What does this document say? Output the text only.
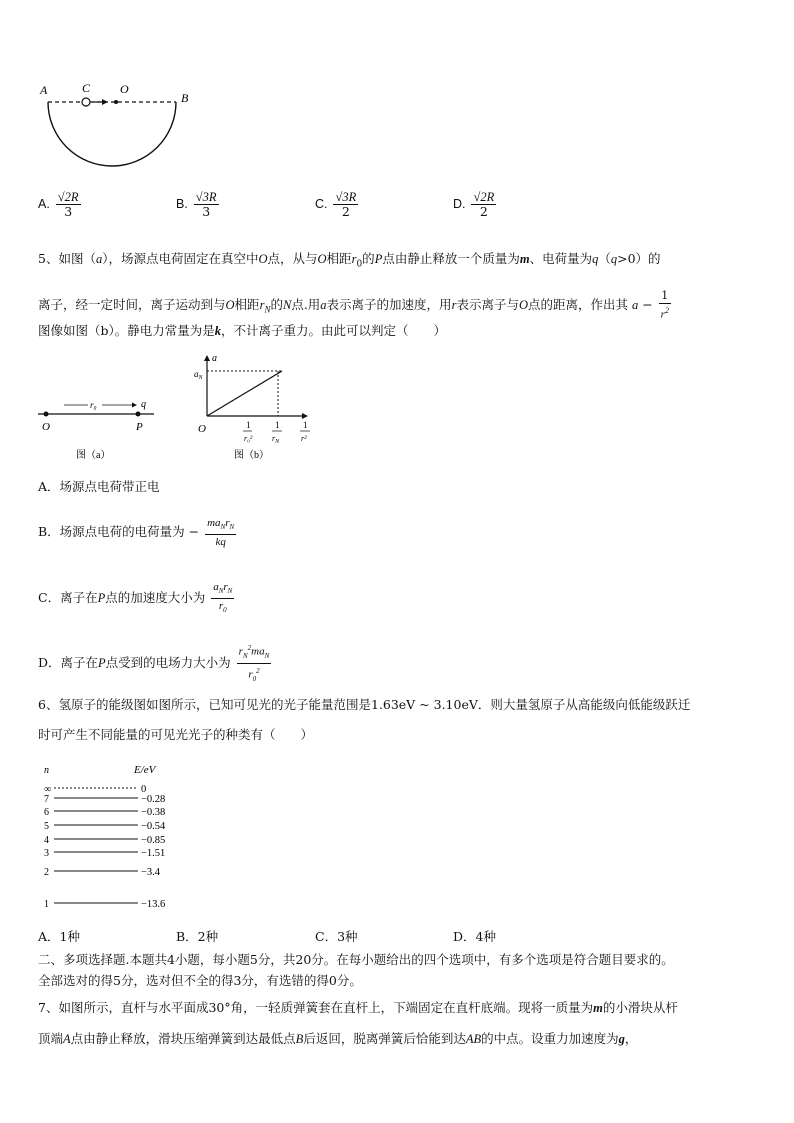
A	C O
B
A. $\frac{√2R}{3}$	B. $\frac{√3R}{3}$	C. $\frac{√3R}{2}$	D. $\frac{√2R}{2}$
5、如图（a），场源点电荷固定在真空中O点，从与O相距$r_0$的P点由静止释放一个质量为m、电荷量为q（q>0）的
离子，经一定时间，离子运动到与O相距$r_N$的N点.用a表示离子的加速度，用r表示离子与O点的距离，作出其 $a - \frac{1}{r^2}$
图像如图（b）。静电力常量为是k，不计离子重力。由此可以判定（　　）
r₀	q
O	P
图（a）
a
$a_N$
O	1
r₀²
1
$r_N$
1
r²
图（b）
A．场源点电荷带正电
B．场源点电荷的电荷量为 − $\frac{ma_Nr_N}{kq}$
C．离子在P点的加速度大小为 $\frac{a_Nr_N}{r_0}$
D．离子在P点受到的电场力大小为 $\frac{r_N^2ma_N}{r_0^2}$
6、氢原子的能级图如图所示，已知可见光的光子能量范围是1.63eV ~ 3.10eV．则大量氢原子从高能级向低能级跃迁
时可产生不同能量的可见光光子的种类有（　　）
n	E/eV
∞	0
7	−0.28
6	−0.38
5	−0.54
4	−0.85
3	−1.51
2	−3.4
1	−13.6
A．1种	B．2种	C．3种	D．4种
二、多项选择题.本题共4小题，每小题5分，共20分。在每小题给出的四个选项中，有多个选项是符合题目要求的。
全部选对的得5分，选对但不全的得3分，有选错的得0分。
7、如图所示，直杆与水平面成30°角，一轻质弹簧套在直杆上，下端固定在直杆底端。现将一质量为m的小滑块从杆
顶端A点由静止释放，滑块压缩弹簧到达最低点B后返回，脱离弹簧后恰能到达AB的中点。设重力加速度为g，
